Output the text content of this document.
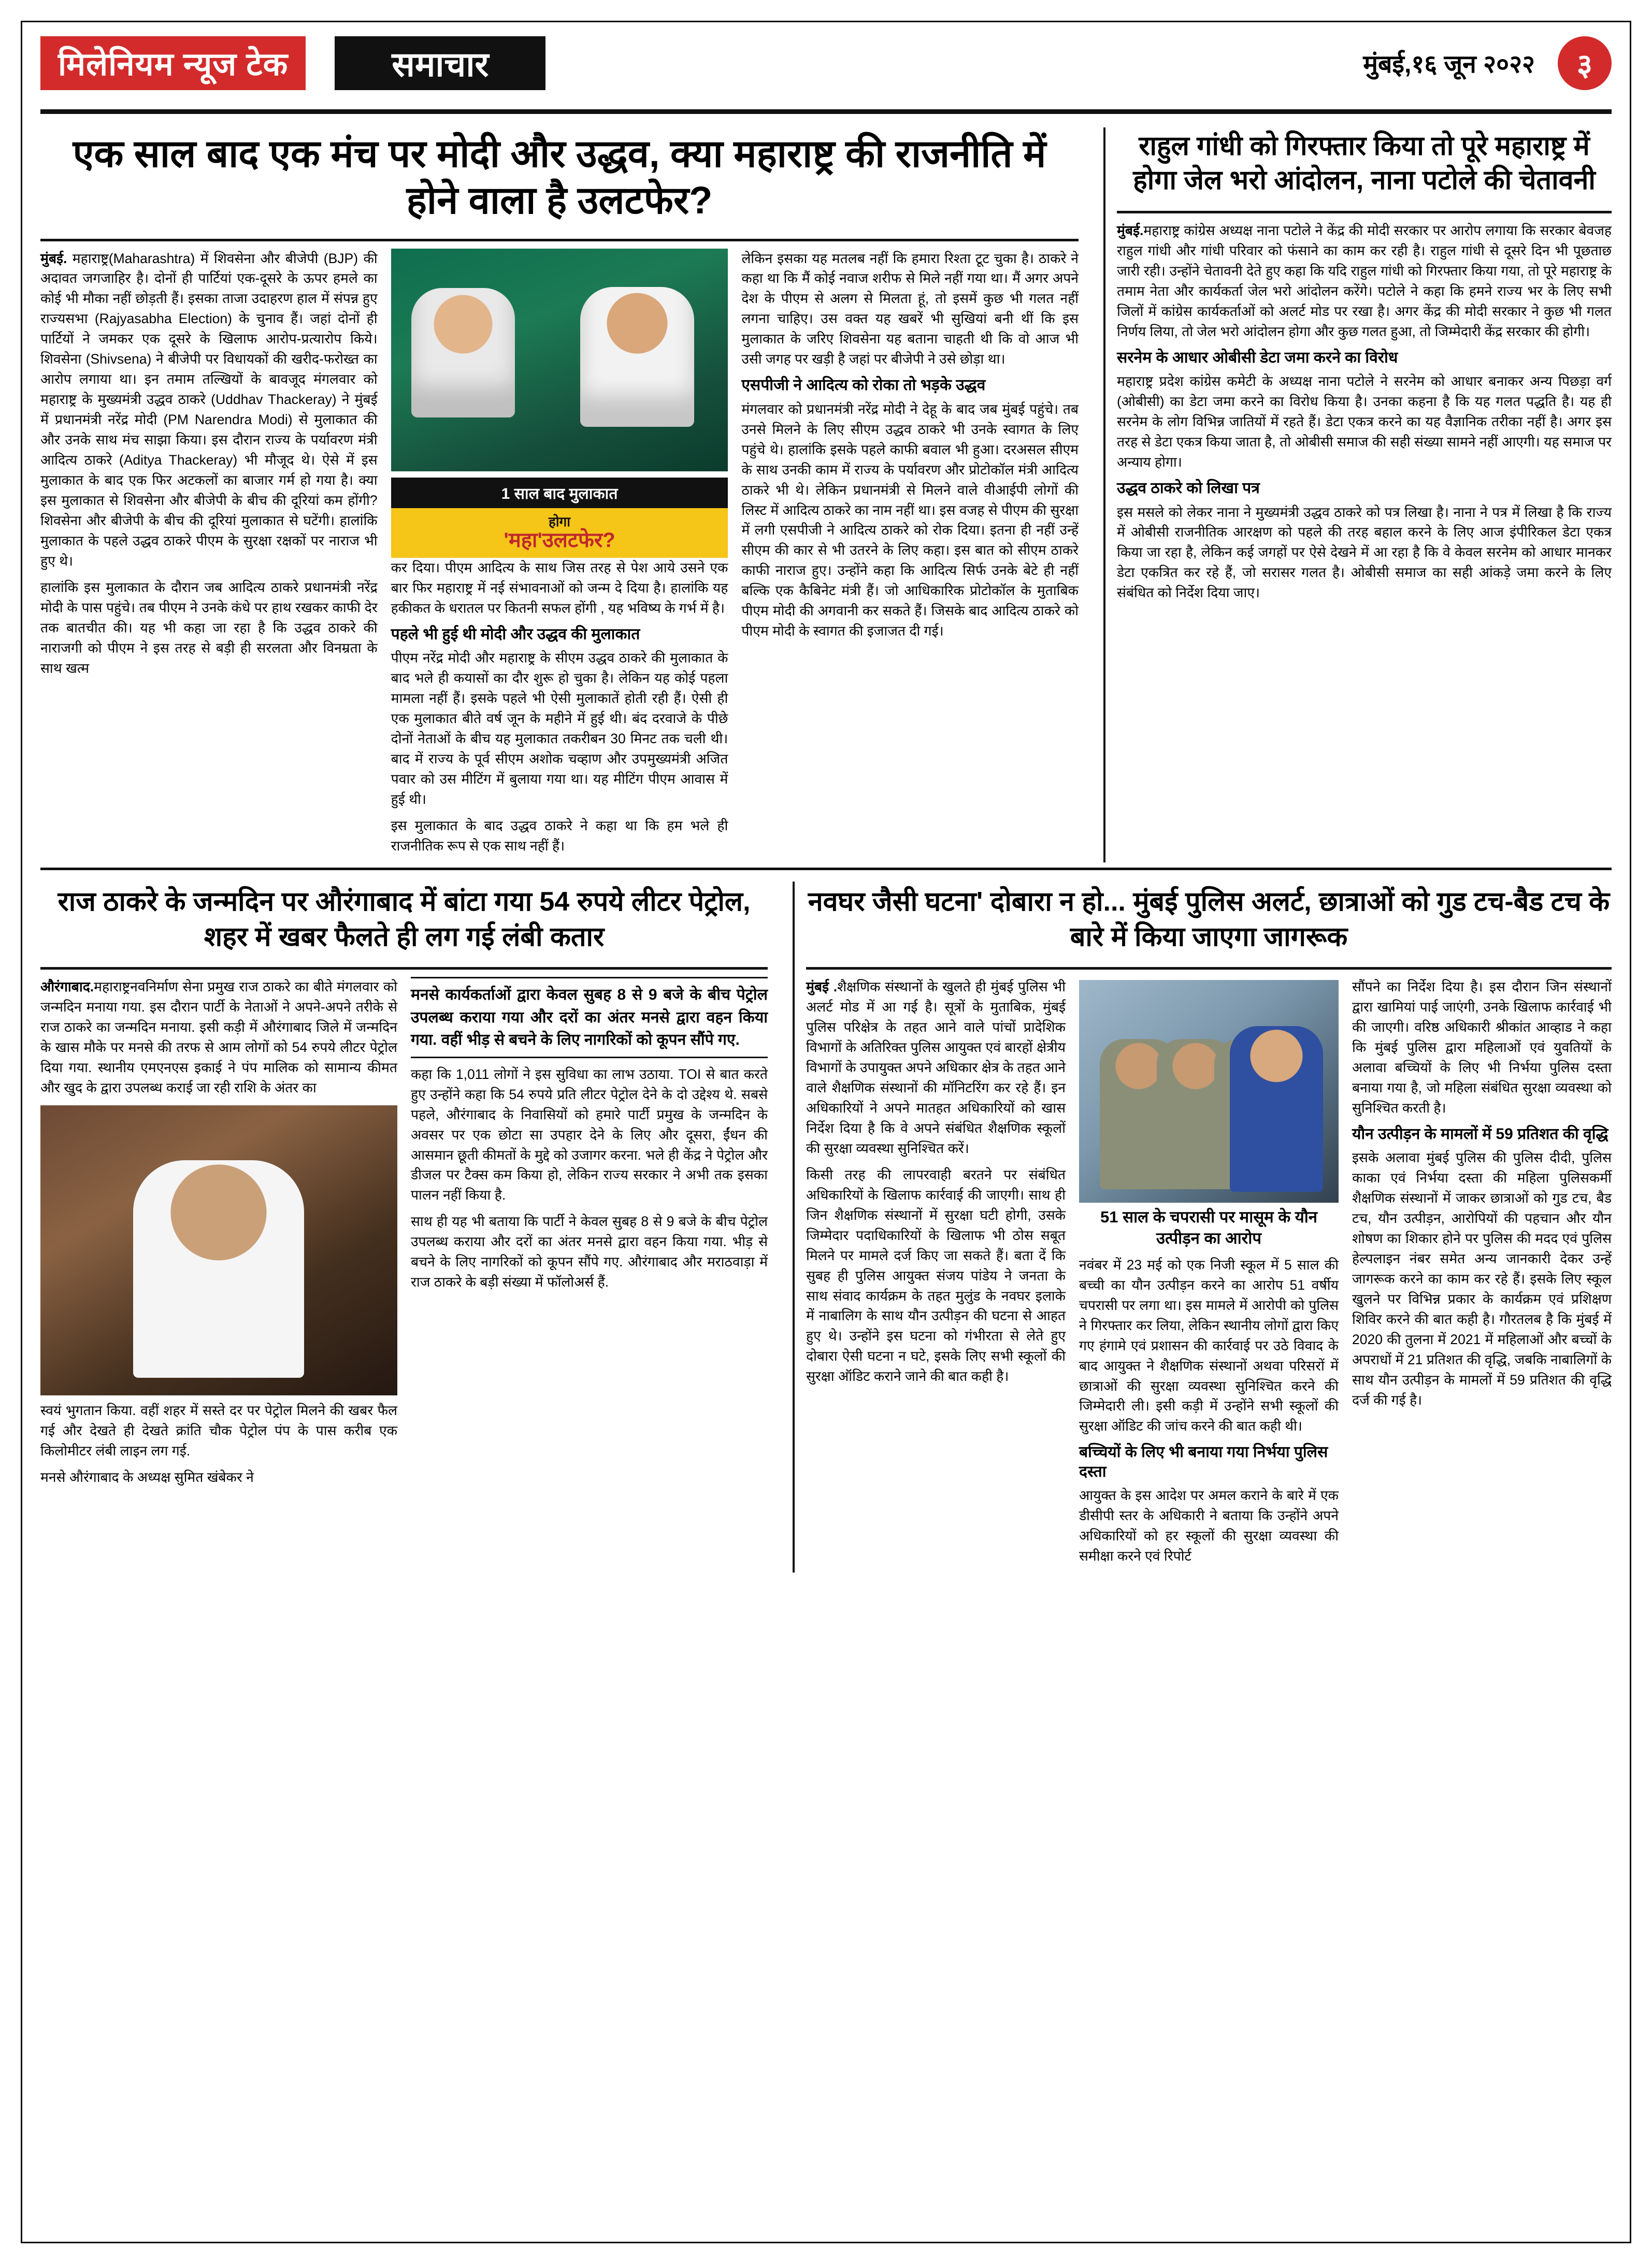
मिलेनियम न्यूज टेक	समाचार	मुंबई,१६ जून २०२२	३
एक साल बाद एक मंच पर मोदी और उद्धव, क्या महाराष्ट्र की राजनीति में होने वाला है उलटफेर?

मुंबई. महाराष्ट्र(Maharashtra) में शिवसेना और बीजेपी (BJP) की अदावत जगजाहिर है। दोनों ही पार्टियां एक-दूसरे के ऊपर हमले का कोई भी मौका नहीं छोड़ती हैं। इसका ताजा उदाहरण हाल में संपन्न हुए राज्यसभा (Rajyasabha Election) के चुनाव हैं। जहां दोनों ही पार्टियों ने जमकर एक दूसरे के खिलाफ आरोप-प्रत्यारोप किये। शिवसेना (Shivsena) ने बीजेपी पर विधायकों की खरीद-फरोख्त का आरोप लगाया था। इन तमाम तल्खियों के बावजूद मंगलवार को महाराष्ट्र के मुख्यमंत्री उद्धव ठाकरे (Uddhav Thackeray) ने मुंबई में प्रधानमंत्री नरेंद्र मोदी (PM Narendra Modi) से मुलाकात की और उनके साथ मंच साझा किया। इस दौरान राज्य के पर्यावरण मंत्री आदित्य ठाकरे (Aditya Thackeray) भी मौजूद थे। ऐसे में इस मुलाकात के बाद एक फिर अटकलों का बाजार गर्म हो गया है। क्या इस मुलाकात से शिवसेना और बीजेपी के बीच की दूरियां कम होंगी? शिवसेना और बीजेपी के बीच की दूरियां मुलाकात से घटेंगी। हालांकि मुलाकात के पहले उद्धव ठाकरे पीएम के सुरक्षा रक्षकों पर नाराज भी हुए थे।

हालांकि इस मुलाकात के दौरान जब आदित्य ठाकरे प्रधानमंत्री नरेंद्र मोदी के पास पहुंचे। तब पीएम ने उनके कंधे पर हाथ रखकर काफी देर तक बातचीत की। यह भी कहा जा रहा है कि उद्धव ठाकरे की नाराजगी को पीएम ने इस तरह से बड़ी ही सरलता और विनम्रता के साथ खत्म

1 साल बाद मुलाकात
होगा
'महा'उलटफेर?

कर दिया। पीएम आदित्य के साथ जिस तरह से पेश आये उसने एक बार फिर महाराष्ट्र में नई संभावनाओं को जन्म दे दिया है। हालांकि यह हकीकत के धरातल पर कितनी सफल होंगी , यह भविष्य के गर्भ में है।

पहले भी हुई थी मोदी और उद्धव की मुलाकात

पीएम नरेंद्र मोदी और महाराष्ट्र के सीएम उद्धव ठाकरे की मुलाकात के बाद भले ही कयासों का दौर शुरू हो चुका है। लेकिन यह कोई पहला मामला नहीं हैं। इसके पहले भी ऐसी मुलाकातें होती रही हैं। ऐसी ही एक मुलाकात बीते वर्ष जून के महीने में हुई थी। बंद दरवाजे के पीछे दोनों नेताओं के बीच यह मुलाकात तकरीबन 30 मिनट तक चली थी। बाद में राज्य के पूर्व सीएम अशोक चव्हाण और उपमुख्यमंत्री अजित पवार को उस मीटिंग में बुलाया गया था। यह मीटिंग पीएम आवास में हुई थी।

इस मुलाकात के बाद उद्धव ठाकरे ने कहा था कि हम भले ही राजनीतिक रूप से एक साथ नहीं हैं।

लेकिन इसका यह मतलब नहीं कि हमारा रिश्ता टूट चुका है। ठाकरे ने कहा था कि मैं कोई नवाज शरीफ से मिले नहीं गया था। मैं अगर अपने देश के पीएम से अलग से मिलता हूं, तो इसमें कुछ भी गलत नहीं लगना चाहिए। उस वक्त यह खबरें भी सुखियां बनी थीं कि इस मुलाकात के जरिए शिवसेना यह बताना चाहती थी कि वो आज भी उसी जगह पर खड़ी है जहां पर बीजेपी ने उसे छोड़ा था।

एसपीजी ने आदित्य को रोका तो भड़के उद्धव

मंगलवार को प्रधानमंत्री नरेंद्र मोदी ने देहू के बाद जब मुंबई पहुंचे। तब उनसे मिलने के लिए सीएम उद्धव ठाकरे भी उनके स्वागत के लिए पहुंचे थे। हालांकि इसके पहले काफी बवाल भी हुआ। दरअसल सीएम के साथ उनकी काम में राज्य के पर्यावरण और प्रोटोकॉल मंत्री आदित्य ठाकरे भी थे। लेकिन प्रधानमंत्री से मिलने वाले वीआईपी लोगों की लिस्ट में आदित्य ठाकरे का नाम नहीं था। इस वजह से पीएम की सुरक्षा में लगी एसपीजी ने आदित्य ठाकरे को रोक दिया। इतना ही नहीं उन्हें सीएम की कार से भी उतरने के लिए कहा। इस बात को सीएम ठाकरे काफी नाराज हुए। उन्होंने कहा कि आदित्य सिर्फ उनके बेटे ही नहीं बल्कि एक कैबिनेट मंत्री हैं। जो आधिकारिक प्रोटोकॉल के मुताबिक पीएम मोदी की अगवानी कर सकते हैं। जिसके बाद आदित्य ठाकरे को पीएम मोदी के स्वागत की इजाजत दी गई।

राहुल गांधी को गिरफ्तार किया तो पूरे महाराष्ट्र में होगा जेल भरो आंदोलन, नाना पटोले की चेतावनी

मुंबई.महाराष्ट्र कांग्रेस अध्यक्ष नाना पटोले ने केंद्र की मोदी सरकार पर आरोप लगाया कि सरकार बेवजह राहुल गांधी और गांधी परिवार को फंसाने का काम कर रही है। राहुल गांधी से दूसरे दिन भी पूछताछ जारी रही। उन्होंने चेतावनी देते हुए कहा कि यदि राहुल गांधी को गिरफ्तार किया गया, तो पूरे महाराष्ट्र के तमाम नेता और कार्यकर्ता जेल भरो आंदोलन करेंगे। पटोले ने कहा कि हमने राज्य भर के लिए सभी जिलों में कांग्रेस कार्यकर्ताओं को अलर्ट मोड पर रखा है। अगर केंद्र की मोदी सरकार ने कुछ भी गलत निर्णय लिया, तो जेल भरो आंदोलन होगा और कुछ गलत हुआ, तो जिम्मेदारी केंद्र सरकार की होगी।

सरनेम के आधार ओबीसी डेटा जमा करने का विरोध

महाराष्ट्र प्रदेश कांग्रेस कमेटी के अध्यक्ष नाना पटोले ने सरनेम को आधार बनाकर अन्य पिछड़ा वर्ग (ओबीसी) का डेटा जमा करने का विरोध किया है। उनका कहना है कि यह गलत पद्धति है। यह ही सरनेम के लोग विभिन्न जातियों में रहते हैं। डेटा एकत्र करने का यह वैज्ञानिक तरीका नहीं है। अगर इस तरह से डेटा एकत्र किया जाता है, तो ओबीसी समाज की सही संख्या सामने नहीं आएगी। यह समाज पर अन्याय होगा।

उद्धव ठाकरे को लिखा पत्र

इस मसले को लेकर नाना ने मुख्यमंत्री उद्धव ठाकरे को पत्र लिखा है। नाना ने पत्र में लिखा है कि राज्य में ओबीसी राजनीतिक आरक्षण को पहले की तरह बहाल करने के लिए आज इंपीरिकल डेटा एकत्र किया जा रहा है, लेकिन कई जगहों पर ऐसे देखने में आ रहा है कि वे केवल सरनेम को आधार मानकर डेटा एकत्रित कर रहे हैं, जो सरासर गलत है। ओबीसी समाज का सही आंकड़े जमा करने के लिए संबंधित को निर्देश दिया जाए।

राज ठाकरे के जन्मदिन पर औरंगाबाद में बांटा गया 54 रुपये लीटर पेट्रोल, शहर में खबर फैलते ही लग गई लंबी कतार

औरंगाबाद.महाराष्ट्रनवनिर्माण सेना प्रमुख राज ठाकरे का बीते मंगलवार को जन्मदिन मनाया गया. इस दौरान पार्टी के नेताओं ने अपने-अपने तरीके से राज ठाकरे का जन्मदिन मनाया. इसी कड़ी में औरंगाबाद जिले में जन्मदिन के खास मौके पर मनसे की तरफ से आम लोगों को 54 रुपये लीटर पेट्रोल दिया गया. स्थानीय एमएनएस इकाई ने पंप मालिक को सामान्य कीमत और खुद के द्वारा उपलब्ध कराई जा रही राशि के अंतर का

स्वयं भुगतान किया. वहीं शहर में सस्ते दर पर पेट्रोल मिलने की खबर फैल गई और देखते ही देखते क्रांति चौक पेट्रोल पंप के पास करीब एक किलोमीटर लंबी लाइन लग गई.

मनसे औरंगाबाद के अध्यक्ष सुमित खंबेकर ने

मनसे कार्यकर्ताओं द्वारा केवल सुबह 8 से 9 बजे के बीच पेट्रोल उपलब्ध कराया गया और दरों का अंतर मनसे द्वारा वहन किया गया. वहीं भीड़ से बचने के लिए नागरिकों को कूपन सौंपे गए.

कहा कि 1,011 लोगों ने इस सुविधा का लाभ उठाया. TOI से बात करते हुए उन्होंने कहा कि 54 रुपये प्रति लीटर पेट्रोल देने के दो उद्देश्य थे. सबसे पहले, औरंगाबाद के निवासियों को हमारे पार्टी प्रमुख के जन्मदिन के अवसर पर एक छोटा सा उपहार देने के लिए और दूसरा, ईंधन की आसमान छूती कीमतों के मुद्दे को उजागर करना. भले ही केंद्र ने पेट्रोल और डीजल पर टैक्स कम किया हो, लेकिन राज्य सरकार ने अभी तक इसका पालन नहीं किया है.

साथ ही यह भी बताया कि पार्टी ने केवल सुबह 8 से 9 बजे के बीच पेट्रोल उपलब्ध कराया और दरों का अंतर मनसे द्वारा वहन किया गया. भीड़ से बचने के लिए नागरिकों को कूपन सौंपे गए. औरंगाबाद और मराठवाड़ा में राज ठाकरे के बड़ी संख्या में फॉलोअर्स हैं.

नवघर जैसी घटना' दोबारा न हो... मुंबई पुलिस अलर्ट, छात्राओं को गुड टच-बैड टच के बारे में किया जाएगा जागरूक

मुंबई .शैक्षणिक संस्थानों के खुलते ही मुंबई पुलिस भी अलर्ट मोड में आ गई है। सूत्रों के मुताबिक, मुंबई पुलिस परिक्षेत्र के तहत आने वाले पांचों प्रादेशिक विभागों के अतिरिक्त पुलिस आयुक्त एवं बारहों क्षेत्रीय विभागों के उपायुक्त अपने अधिकार क्षेत्र के तहत आने वाले शैक्षणिक संस्थानों की मॉनिटरिंग कर रहे हैं। इन अधिकारियों ने अपने मातहत अधिकारियों को खास निर्देश दिया है कि वे अपने संबंधित शैक्षणिक स्कूलों की सुरक्षा व्यवस्था सुनिश्चित करें।

किसी तरह की लापरवाही बरतने पर संबंधित अधिकारियों के खिलाफ कार्रवाई की जाएगी। साथ ही जिन शैक्षणिक संस्थानों में सुरक्षा घटी होगी, उसके जिम्मेदार पदाधिकारियों के खिलाफ भी ठोस सबूत मिलने पर मामले दर्ज किए जा सकते हैं। बता दें कि सुबह ही पुलिस आयुक्त संजय पांडेय ने जनता के साथ संवाद कार्यक्रम के तहत मुलुंड के नवघर इलाके में नाबालिग के साथ यौन उत्पीड़न की घटना से आहत हुए थे। उन्होंने इस घटना को गंभीरता से लेते हुए दोबारा ऐसी घटना न घटे, इसके लिए सभी स्कूलों की सुरक्षा ऑडिट कराने जाने की बात कही है।

51 साल के चपरासी पर मासूम के यौन उत्पीड़न का आरोप

नवंबर में 23 मई को एक निजी स्कूल में 5 साल की बच्ची का यौन उत्पीड़न करने का आरोप 51 वर्षीय चपरासी पर लगा था। इस मामले में आरोपी को पुलिस ने गिरफ्तार कर लिया, लेकिन स्थानीय लोगों द्वारा किए गए हंगामे एवं प्रशासन की कार्रवाई पर उठे विवाद के बाद आयुक्त ने शैक्षणिक संस्थानों अथवा परिसरों में छात्राओं की सुरक्षा व्यवस्था सुनिश्चित करने की जिम्मेदारी ली। इसी कड़ी में उन्होंने सभी स्कूलों की सुरक्षा ऑडिट की जांच करने की बात कही थी।

बच्चियों के लिए भी बनाया गया निर्भया पुलिस दस्ता

आयुक्त के इस आदेश पर अमल कराने के बारे में एक डीसीपी स्तर के अधिकारी ने बताया कि उन्होंने अपने अधिकारियों को हर स्कूलों की सुरक्षा व्यवस्था की समीक्षा करने एवं रिपोर्ट

सौंपने का निर्देश दिया है। इस दौरान जिन संस्थानों द्वारा खामियां पाई जाएंगी, उनके खिलाफ कार्रवाई भी की जाएगी। वरिष्ठ अधिकारी श्रीकांत आव्हाड ने कहा कि मुंबई पुलिस द्वारा महिलाओं एवं युवतियों के अलावा बच्चियों के लिए भी निर्भया पुलिस दस्ता बनाया गया है, जो महिला संबंधित सुरक्षा व्यवस्था को सुनिश्चित करती है।

यौन उत्पीड़न के मामलों में 59 प्रतिशत की वृद्धि

इसके अलावा मुंबई पुलिस की पुलिस दीदी, पुलिस काका एवं निर्भया दस्ता की महिला पुलिसकर्मी शैक्षणिक संस्थानों में जाकर छात्राओं को गुड टच, बैड टच, यौन उत्पीड़न, आरोपियों की पहचान और यौन शोषण का शिकार होने पर पुलिस की मदद एवं पुलिस हेल्पलाइन नंबर समेत अन्य जानकारी देकर उन्हें जागरूक करने का काम कर रहे हैं। इसके लिए स्कूल खुलने पर विभिन्न प्रकार के कार्यक्रम एवं प्रशिक्षण शिविर करने की बात कही है। गौरतलब है कि मुंबई में 2020 की तुलना में 2021 में महिलाओं और बच्चों के अपराधों में 21 प्रतिशत की वृद्धि, जबकि नाबालिगों के साथ यौन उत्पीड़न के मामलों में 59 प्रतिशत की वृद्धि दर्ज की गई है।
